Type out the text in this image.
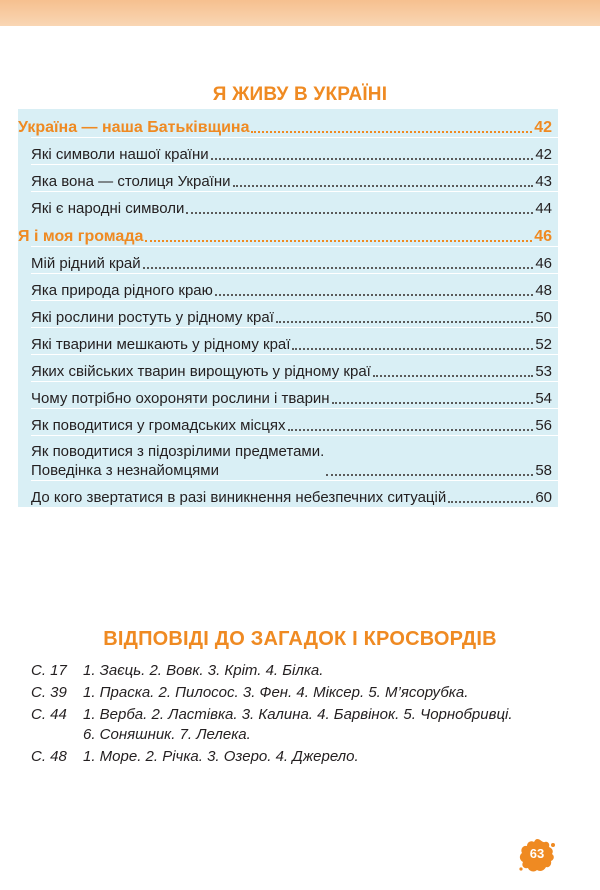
Я ЖИВУ В УКРАЇНІ
Україна — наша Батьківщина	42
Які символи нашої країни	42
Яка вона — столиця України	43
Які є народні символи	44
Я і моя громада	46
Мій рідний край	46
Яка природа рідного краю	48
Які рослини ростуть у рідному краї	50
Які тварини мешкають у рідному краї	52
Яких свійських тварин вирощують у рідному краї	53
Чому потрібно охороняти рослини і тварин	54
Як поводитися у громадських місцях	56
Як поводитися з підозрілими предметами.
Поведінка з незнайомцями	58
До кого звертатися в разі виникнення небезпечних ситуацій	60
ВІДПОВІДІ ДО ЗАГАДОК І КРОСВОРДІВ
С. 17	1. Заєць. 2. Вовк. 3. Кріт. 4. Білка.
С. 39	1. Праска. 2. Пилосос. 3. Фен. 4. Міксер. 5. М’ясорубка.
С. 44	1. Верба. 2. Ластівка. 3. Калина. 4. Барвінок. 5. Чорнобривці.
6. Соняшник. 7. Лелека.
С. 48	1. Море. 2. Річка. 3. Озеро. 4. Джерело.
63
